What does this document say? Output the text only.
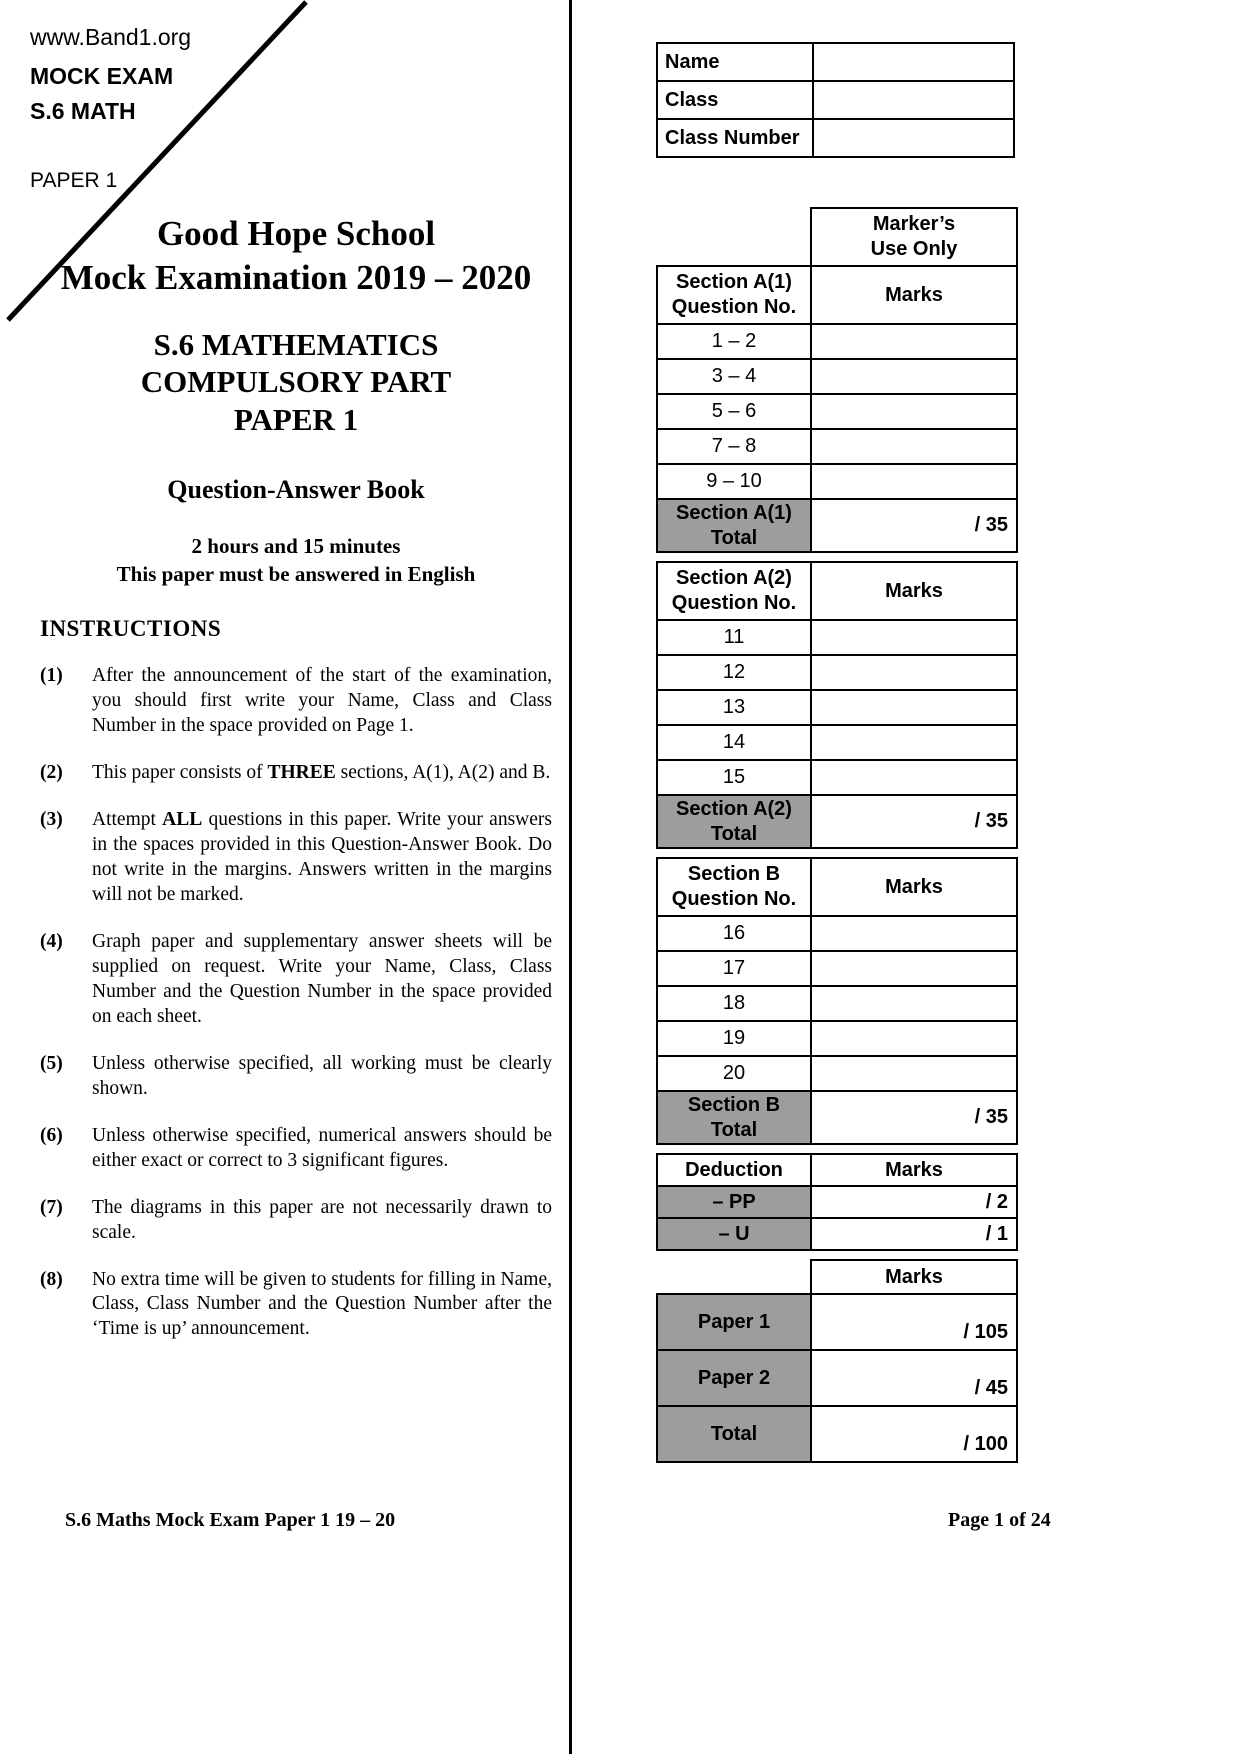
www.Band1.org
MOCK EXAM
S.6 MATH
PAPER 1
Good Hope School
Mock Examination 2019 – 2020
S.6 MATHEMATICS
COMPULSORY PART
PAPER 1
Question-Answer Book
2 hours and 15 minutes
This paper must be answered in English
INSTRUCTIONS
(1)	After the announcement of the start of the examination, you should first write your Name, Class and Class Number in the space provided on Page 1.
(2)	This paper consists of THREE sections, A(1), A(2) and B.
(3)	Attempt ALL questions in this paper. Write your answers in the spaces provided in this Question-Answer Book. Do not write in the margins. Answers written in the margins will not be marked.
(4)	Graph paper and supplementary answer sheets will be supplied on request. Write your Name, Class, Class Number and the Question Number in the space provided on each sheet.
(5)	Unless otherwise specified, all working must be clearly shown.
(6)	Unless otherwise specified, numerical answers should be either exact or correct to 3 significant figures.
(7)	The diagrams in this paper are not necessarily drawn to scale.
(8)	No extra time will be given to students for filling in Name, Class, Class Number and the Question Number after the ‘Time is up’ announcement.
Name	
Class	
Class Number	

	Marker’s
Use Only

Section A(1)
Question No.	Marks
1 – 2	
3 – 4	
5 – 6	
7 – 8	
9 – 10	

Section A(1)
Total	/ 35
Section A(2)
Question No.	Marks
11	
12	
13	
14	
15	

Section A(2)
Total	/ 35
Section B
Question No.	Marks
16	
17	
18	
19	
20	

Section B
Total	/ 35
Deduction	Marks
– PP	/ 2
– U	/ 1
	Marks
Paper 1	/ 105
Paper 2	/ 45
Total	/ 100
S.6 Maths Mock Exam Paper 1 19 – 20	Page 1 of 24
